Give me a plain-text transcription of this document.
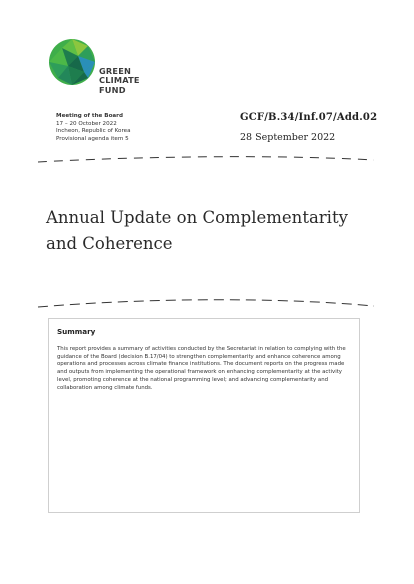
GREEN
CLIMATE
FUND
Meeting of the Board
17 – 20 October 2022
Incheon, Republic of Korea
Provisional agenda item 5
GCF/B.34/Inf.07/Add.02
28 September 2022
Annual Update on Complementarity
and Coherence
Summary
This report provides a summary of activities conducted by the Secretariat in relation to complying with the guidance of the Board (decision B.17/04) to strengthen complementarity and enhance coherence among operations and processes across climate finance institutions. The document reports on the progress made and outputs from implementing the operational framework on enhancing complementarity at the activity level, promoting coherence at the national programming level; and advancing complementarity and collaboration among climate funds.
